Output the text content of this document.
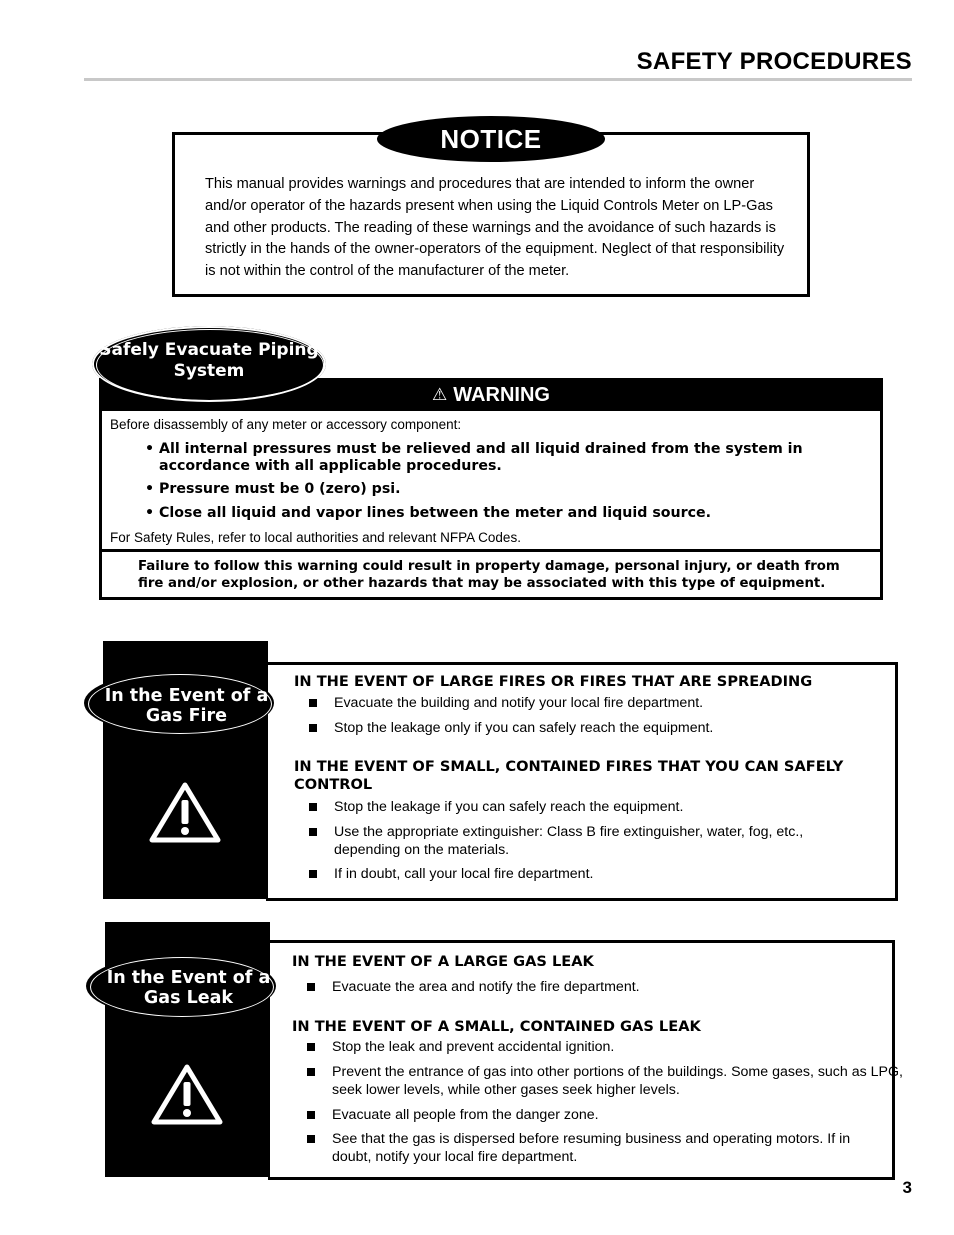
SAFETY PROCEDURES
NOTICE
This manual provides warnings and procedures that are intended to inform the owner and/or operator of the hazards present when using the Liquid Controls Meter on LP-Gas and other products. The reading of these warnings and the avoidance of such hazards is strictly in the hands of the owner-operators of the equipment. Neglect of that responsibility is not within the control of the manufacturer of the meter.
⚠ WARNING
Safely Evacuate Piping System
Before disassembly of any meter or accessory component:
• All internal pressures must be relieved and all liquid drained from the system in accordance with all applicable procedures.
• Pressure must be 0 (zero) psi.
• Close all liquid and vapor lines between the meter and liquid source.
For Safety Rules, refer to local authorities and relevant NFPA Codes.
Failure to follow this warning could result in property damage, personal injury, or death from fire and/or explosion, or other hazards that may be associated with this type of equipment.
In the Event of a Gas Fire
IN THE EVENT OF LARGE FIRES OR FIRES THAT ARE SPREADING
Evacuate the building and notify your local fire department.
Stop the leakage only if you can safely reach the equipment.
IN THE EVENT OF SMALL, CONTAINED FIRES THAT YOU CAN SAFELY CONTROL
Stop the leakage if you can safely reach the equipment.
Use the appropriate extinguisher: Class B fire extinguisher, water, fog, etc., depending on the materials.
If in doubt, call your local fire department.
In the Event of a Gas Leak
IN THE EVENT OF A LARGE GAS LEAK
Evacuate the area and notify the fire department.
IN THE EVENT OF A SMALL, CONTAINED GAS LEAK
Stop the leak and prevent accidental ignition.
Prevent the entrance of gas into other portions of the buildings. Some gases, such as LPG, seek lower levels, while other gases seek higher levels.
Evacuate all people from the danger zone.
See that the gas is dispersed before resuming business and operating motors. If in doubt, notify your local fire department.
3
